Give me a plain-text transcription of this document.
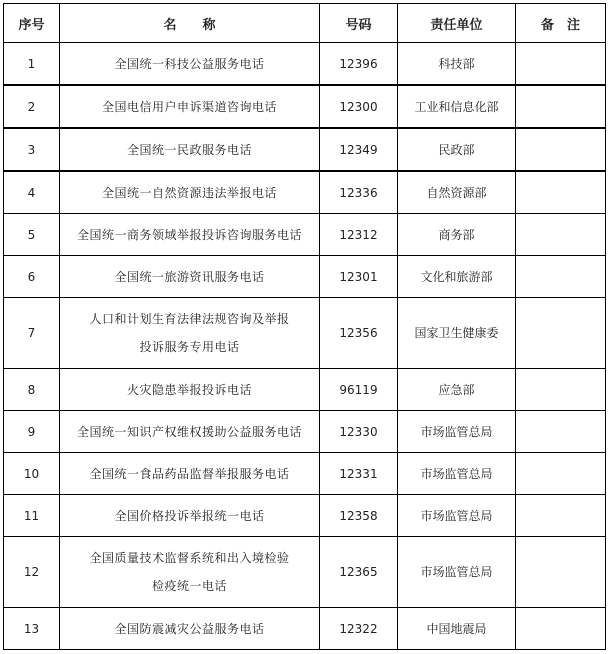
序号	名　　称	号码	责任单位	备　注
1	全国统一科技公益服务电话	12396	科技部	
2	全国电信用户申诉渠道咨询电话	12300	工业和信息化部	
3	全国统一民政服务电话	12349	民政部	
4	全国统一自然资源违法举报电话	12336	自然资源部	
5	全国统一商务领域举报投诉咨询服务电话	12312	商务部	
6	全国统一旅游资讯服务电话	12301	文化和旅游部	
7	人口和计划生育法律法规咨询及举报
投诉服务专用电话	12356	国家卫生健康委	
8	火灾隐患举报投诉电话	96119	应急部	
9	全国统一知识产权维权援助公益服务电话	12330	市场监管总局	
10	全国统一食品药品监督举报服务电话	12331	市场监管总局	
11	全国价格投诉举报统一电话	12358	市场监管总局	
12	全国质量技术监督系统和出入境检验
检疫统一电话	12365	市场监管总局	
13	全国防震减灾公益服务电话	12322	中国地震局	
